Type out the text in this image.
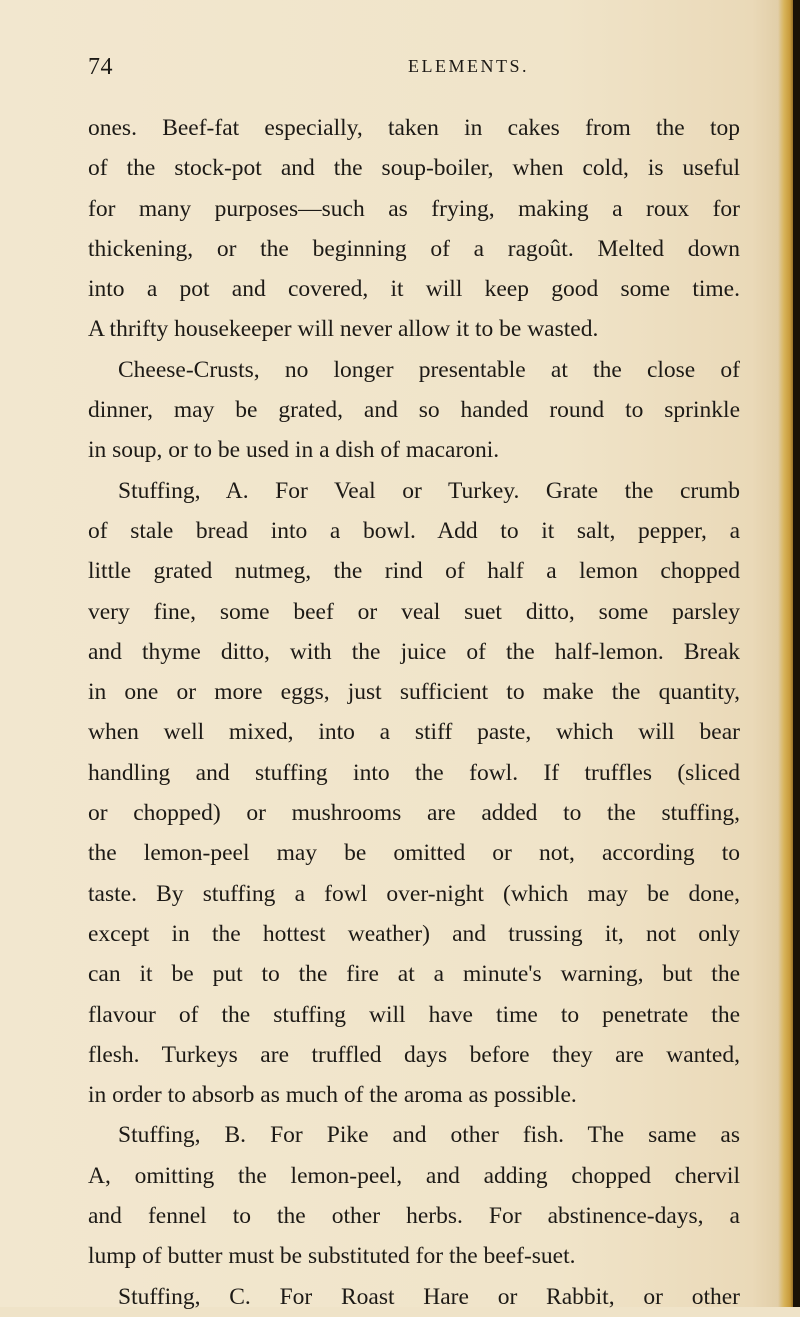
74	ELEMENTS.
ones. Beef-fat especially, taken in cakes from the top
of the stock-pot and the soup-boiler, when cold, is useful
for many purposes—such as frying, making a roux for
thickening, or the beginning of a ragoût. Melted down
into a pot and covered, it will keep good some time.
A thrifty housekeeper will never allow it to be wasted.
Cheese-Crusts, no longer presentable at the close of
dinner, may be grated, and so handed round to sprinkle
in soup, or to be used in a dish of macaroni.
Stuffing, A. For Veal or Turkey. Grate the crumb
of stale bread into a bowl. Add to it salt, pepper, a
little grated nutmeg, the rind of half a lemon chopped
very fine, some beef or veal suet ditto, some parsley
and thyme ditto, with the juice of the half-lemon. Break
in one or more eggs, just sufficient to make the quantity,
when well mixed, into a stiff paste, which will bear
handling and stuffing into the fowl. If truffles (sliced
or chopped) or mushrooms are added to the stuffing,
the lemon-peel may be omitted or not, according to
taste. By stuffing a fowl over-night (which may be done,
except in the hottest weather) and trussing it, not only
can it be put to the fire at a minute's warning, but the
flavour of the stuffing will have time to penetrate the
flesh. Turkeys are truffled days before they are wanted,
in order to absorb as much of the aroma as possible.
Stuffing, B. For Pike and other fish. The same as
A, omitting the lemon-peel, and adding chopped chervil
and fennel to the other herbs. For abstinence-days, a
lump of butter must be substituted for the beef-suet.
Stuffing, C. For Roast Hare or Rabbit, or other
